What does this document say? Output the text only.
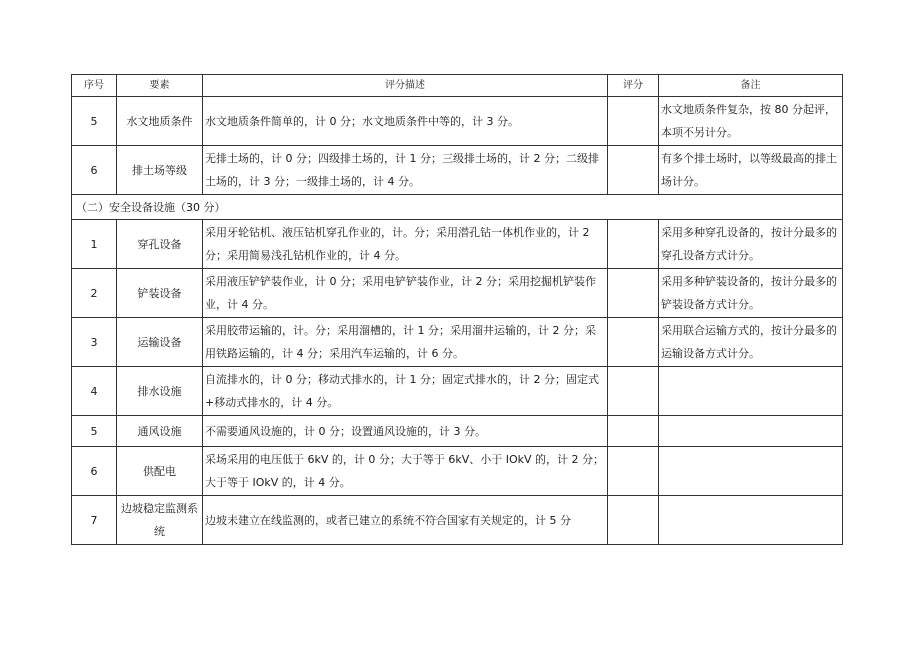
序号	要素	评分描述	评分	备注
5	水文地质条件	水文地质条件简单的，计 0 分；水文地质条件中等的，计 3 分。		水文地质条件复杂，按 80 分起评，本项不另计分。
6	排土场等级	无排土场的，计 0 分；四级排土场的，计 1 分；三级排土场的，计 2 分；二级排土场的，计 3 分；一级排土场的，计 4 分。		有多个排土场时，以等级最高的排土场计分。
（二）安全设备设施（30 分）				
1	穿孔设备	采用牙轮钻机、液压钻机穿孔作业的，计。分；采用潜孔钻一体机作业的，计 2 分；采用简易浅孔钻机作业的，计 4 分。		采用多种穿孔设备的，按计分最多的穿孔设备方式计分。
2	铲装设备	采用液压铲铲装作业，计 0 分；采用电铲铲装作业，计 2 分；采用挖掘机铲装作业，计 4 分。		采用多种铲装设备的，按计分最多的铲装设备方式计分。
3	运输设备	采用胶带运输的，计。分；采用溜槽的，计 1 分；采用溜井运输的，计 2 分；采用铁路运输的，计 4 分；采用汽车运输的，计 6 分。		采用联合运输方式的，按计分最多的运输设备方式计分。
4	排水设施	自流排水的，计 0 分；移动式排水的，计 1 分；固定式排水的，计 2 分；固定式+移动式排水的，计 4 分。		
5	通风设施	不需要通风设施的，计 0 分；设置通风设施的，计 3 分。		
6	供配电	采场采用的电压低于 6kV 的，计 0 分；大于等于 6kV、小于 IOkV 的，计 2 分；大于等于 IOkV 的，计 4 分。		
7	边坡稳定监测系统	边坡未建立在线监测的，或者已建立的系统不符合国家有关规定的，计 5 分		
